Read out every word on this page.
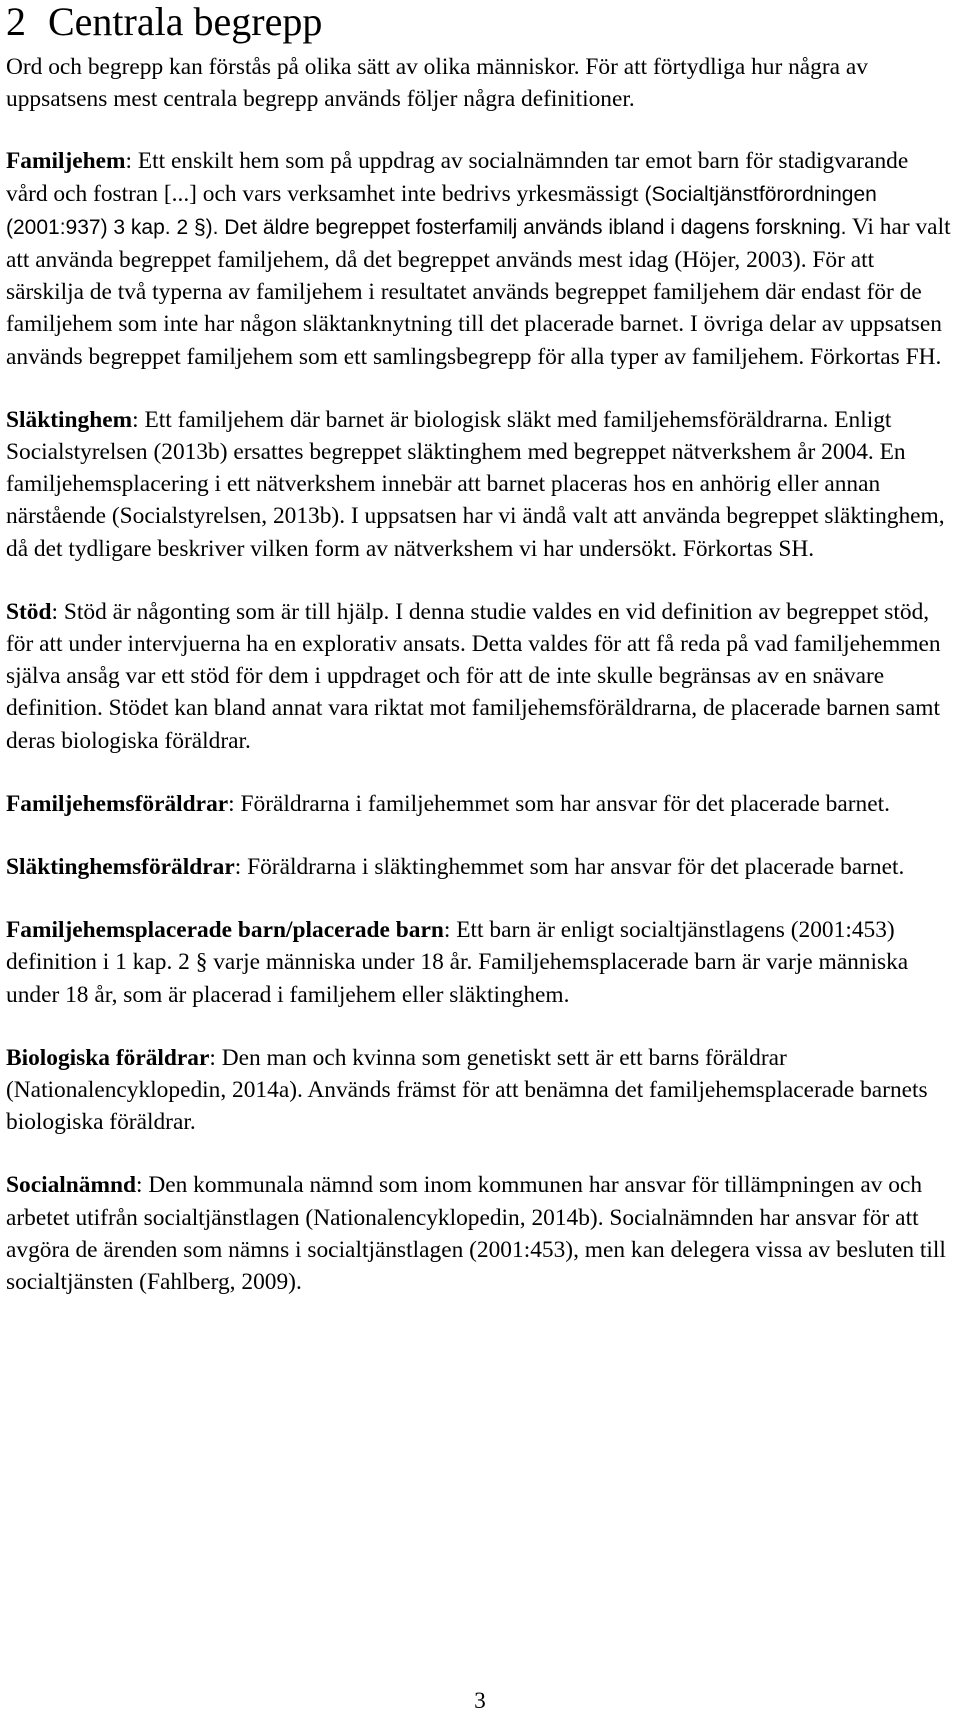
2 Centrala begrepp

Ord och begrepp kan förstås på olika sätt av olika människor. För att förtydliga hur några av uppsatsens mest centrala begrepp används följer några definitioner.

Familjehem: Ett enskilt hem som på uppdrag av socialnämnden tar emot barn för stadigvarande vård och fostran [...] och vars verksamhet inte bedrivs yrkesmässigt (Socialtjänstförordningen (2001:937) 3 kap. 2 §). Det äldre begreppet fosterfamilj används ibland i dagens forskning. Vi har valt att använda begreppet familjehem, då det begreppet används mest idag (Höjer, 2003). För att särskilja de två typerna av familjehem i resultatet används begreppet familjehem där endast för de familjehem som inte har någon släktanknytning till det placerade barnet. I övriga delar av uppsatsen används begreppet familjehem som ett samlingsbegrepp för alla typer av familjehem. Förkortas FH.

Släktinghem: Ett familjehem där barnet är biologisk släkt med familjehemsföräldrarna. Enligt Socialstyrelsen (2013b) ersattes begreppet släktinghem med begreppet nätverkshem år 2004. En familjehemsplacering i ett nätverkshem innebär att barnet placeras hos en anhörig eller annan närstående (Socialstyrelsen, 2013b). I uppsatsen har vi ändå valt att använda begreppet släktinghem, då det tydligare beskriver vilken form av nätverkshem vi har undersökt. Förkortas SH.

Stöd: Stöd är någonting som är till hjälp. I denna studie valdes en vid definition av begreppet stöd, för att under intervjuerna ha en explorativ ansats. Detta valdes för att få reda på vad familjehemmen själva ansåg var ett stöd för dem i uppdraget och för att de inte skulle begränsas av en snävare definition. Stödet kan bland annat vara riktat mot familjehemsföräldrarna, de placerade barnen samt deras biologiska föräldrar.

Familjehemsföräldrar: Föräldrarna i familjehemmet som har ansvar för det placerade barnet.

Släktinghemsföräldrar: Föräldrarna i släktinghemmet som har ansvar för det placerade barnet.

Familjehemsplacerade barn/placerade barn: Ett barn är enligt socialtjänstlagens (2001:453) definition i 1 kap. 2 § varje människa under 18 år. Familjehemsplacerade barn är varje människa under 18 år, som är placerad i familjehem eller släktinghem.

Biologiska föräldrar: Den man och kvinna som genetiskt sett är ett barns föräldrar (Nationalencyklopedin, 2014a). Används främst för att benämna det familjehemsplacerade barnets biologiska föräldrar.

Socialnämnd: Den kommunala nämnd som inom kommunen har ansvar för tillämpningen av och arbetet utifrån socialtjänstlagen (Nationalencyklopedin, 2014b). Socialnämnden har ansvar för att avgöra de ärenden som nämns i socialtjänstlagen (2001:453), men kan delegera vissa av besluten till socialtjänsten (Fahlberg, 2009).

3
